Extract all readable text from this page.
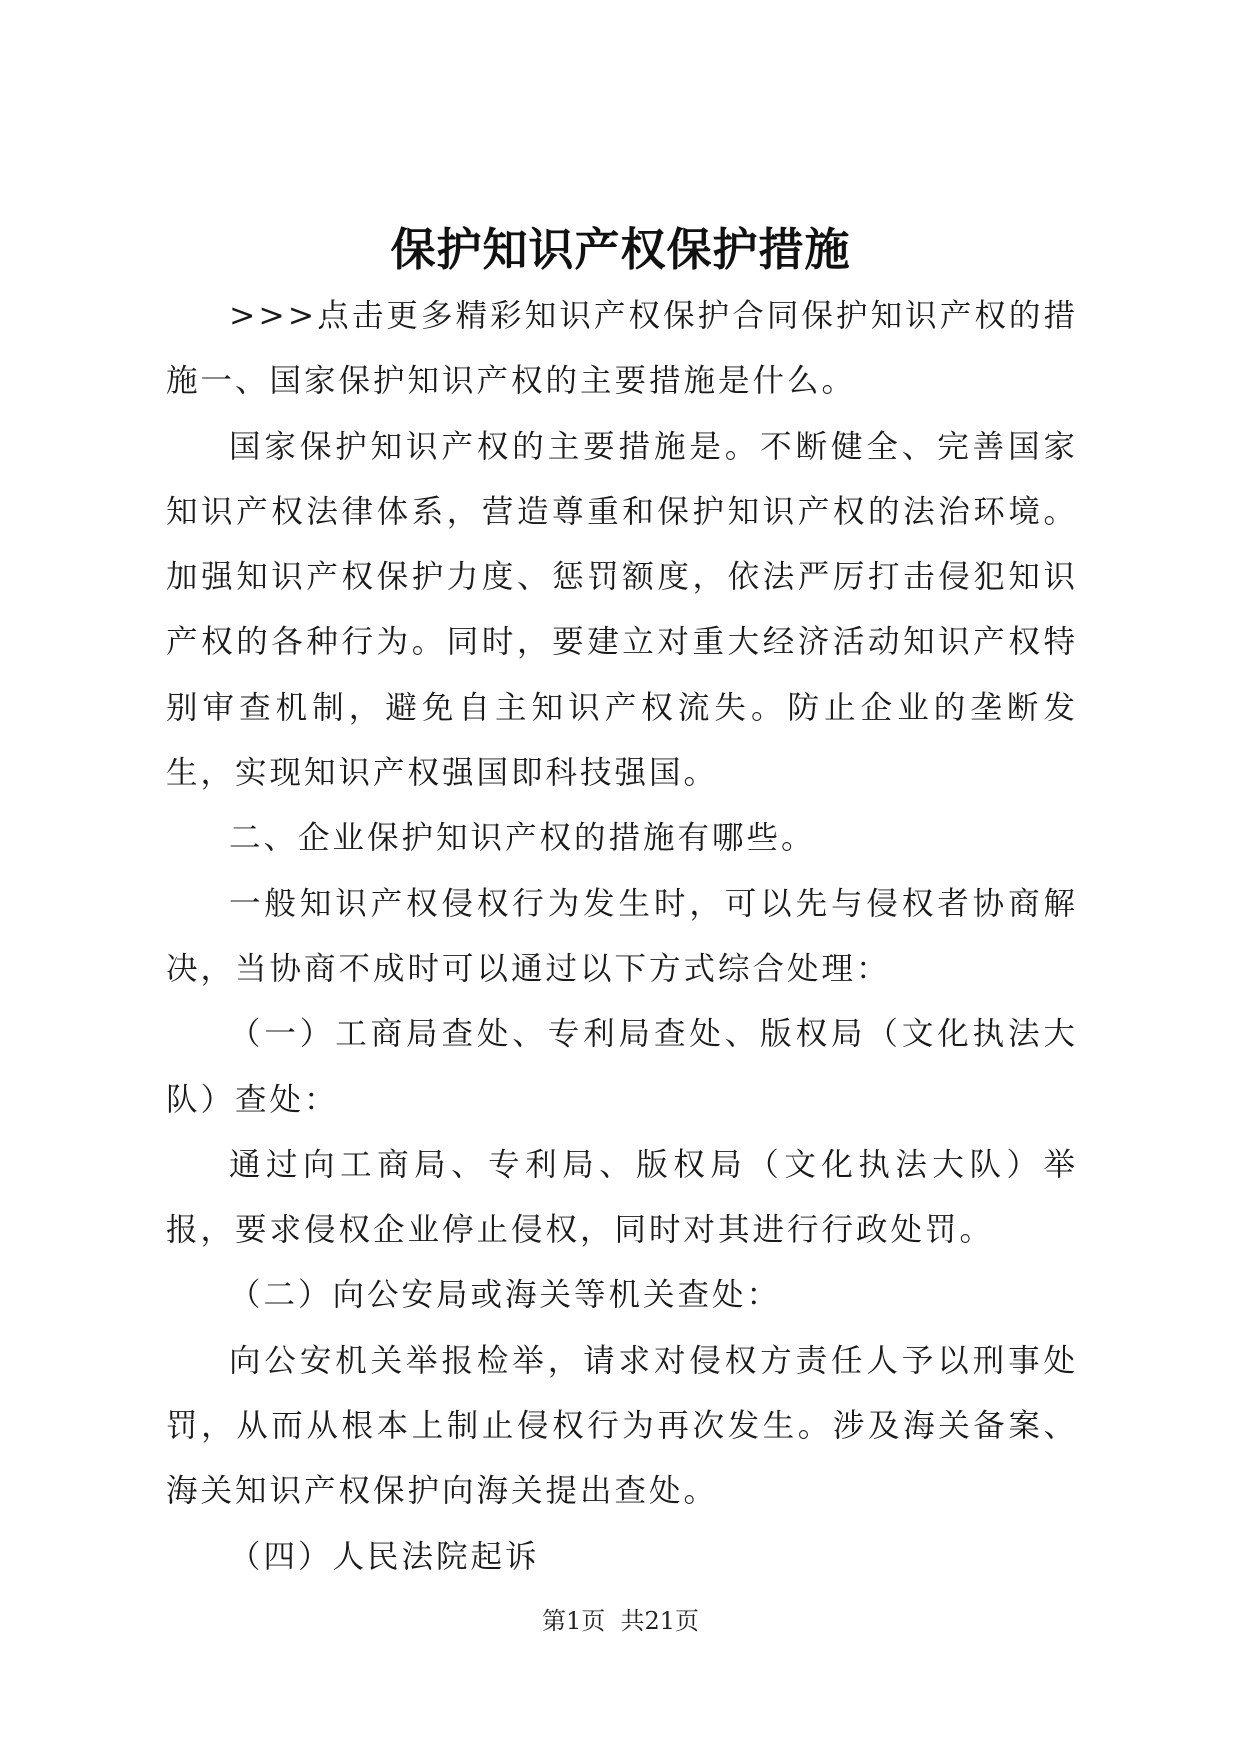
保护知识产权保护措施

>>>点击更多精彩知识产权保护合同保护知识产权的措施一、国家保护知识产权的主要措施是什么。

国家保护知识产权的主要措施是。不断健全、完善国家知识产权法律体系，营造尊重和保护知识产权的法治环境。加强知识产权保护力度、惩罚额度，依法严厉打击侵犯知识产权的各种行为。同时，要建立对重大经济活动知识产权特别审查机制，避免自主知识产权流失。防止企业的垄断发生，实现知识产权强国即科技强国。

二、企业保护知识产权的措施有哪些。

一般知识产权侵权行为发生时，可以先与侵权者协商解决，当协商不成时可以通过以下方式综合处理：

（一）工商局查处、专利局查处、版权局（文化执法大队）查处：

通过向工商局、专利局、版权局（文化执法大队）举报，要求侵权企业停止侵权，同时对其进行行政处罚。

（二）向公安局或海关等机关查处：

向公安机关举报检举，请求对侵权方责任人予以刑事处罚，从而从根本上制止侵权行为再次发生。涉及海关备案、海关知识产权保护向海关提出查处。

（四）人民法院起诉

第1页  共21页
